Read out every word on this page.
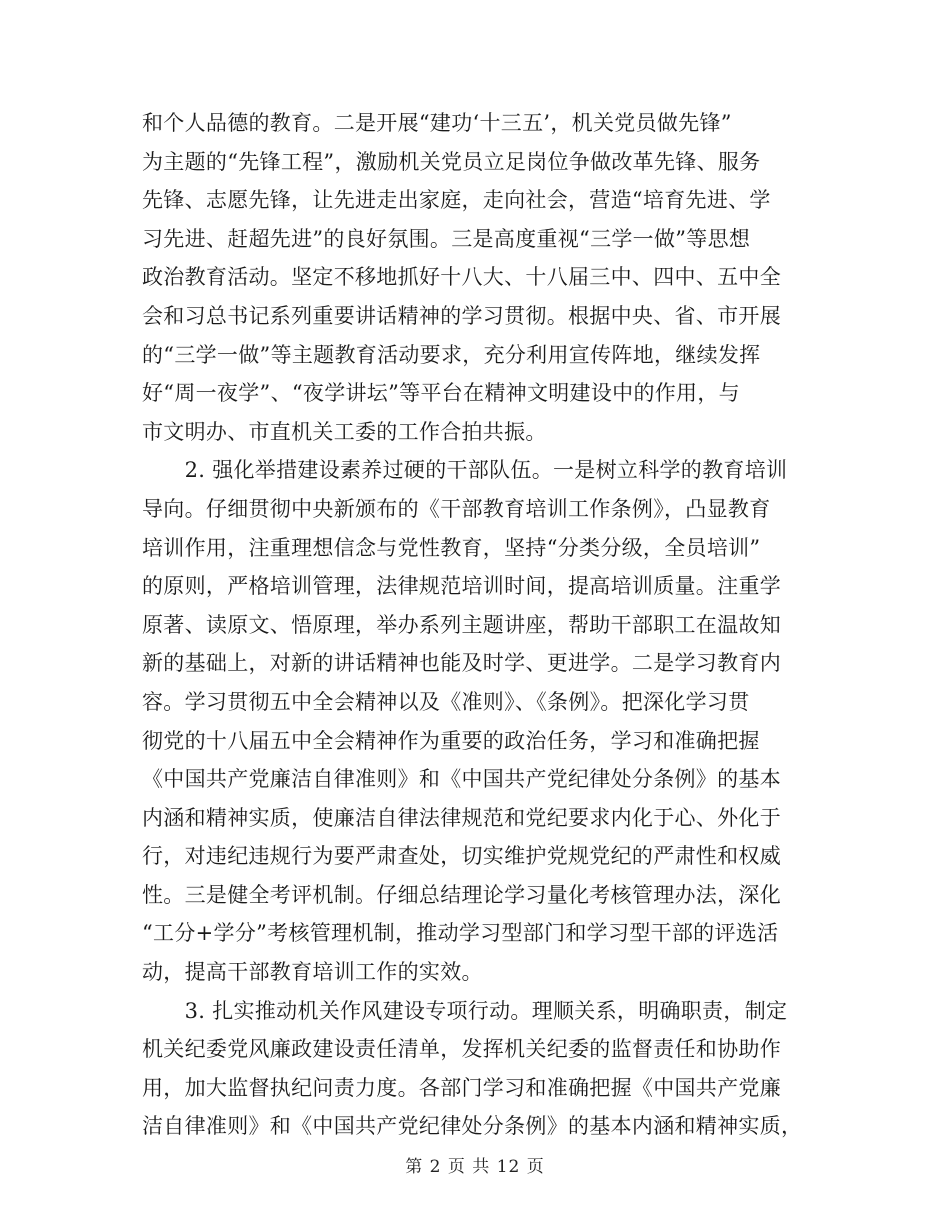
和个人品德的教育。二是开展“建功‘十三五’，机关党员做先锋”
为主题的“先锋工程”，激励机关党员立足岗位争做改革先锋、服务
先锋、志愿先锋，让先进走出家庭，走向社会，营造“培育先进、学
习先进、赶超先进”的良好氛围。三是高度重视“三学一做”等思想
政治教育活动。坚定不移地抓好十八大、十八届三中、四中、五中全
会和习总书记系列重要讲话精神的学习贯彻。根据中央、省、市开展
的“三学一做”等主题教育活动要求，充分利用宣传阵地，继续发挥
好“周一夜学”、“夜学讲坛”等平台在精神文明建设中的作用，与
市文明办、市直机关工委的工作合拍共振。
　　2. 强化举措建设素养过硬的干部队伍。一是树立科学的教育培训
导向。仔细贯彻中央新颁布的《干部教育培训工作条例》，凸显教育
培训作用，注重理想信念与党性教育，坚持“分类分级，全员培训”
的原则，严格培训管理，法律规范培训时间，提高培训质量。注重学
原著、读原文、悟原理，举办系列主题讲座，帮助干部职工在温故知
新的基础上，对新的讲话精神也能及时学、更进学。二是学习教育内
容。学习贯彻五中全会精神以及《准则》、《条例》。把深化学习贯
彻党的十八届五中全会精神作为重要的政治任务，学习和准确把握
《中国共产党廉洁自律准则》和《中国共产党纪律处分条例》的基本
内涵和精神实质，使廉洁自律法律规范和党纪要求内化于心、外化于
行，对违纪违规行为要严肃查处，切实维护党规党纪的严肃性和权威
性。三是健全考评机制。仔细总结理论学习量化考核管理办法，深化
“工分+学分”考核管理机制，推动学习型部门和学习型干部的评选活
动，提高干部教育培训工作的实效。
　　3. 扎实推动机关作风建设专项行动。理顺关系，明确职责，制定
机关纪委党风廉政建设责任清单，发挥机关纪委的监督责任和协助作
用，加大监督执纪问责力度。各部门学习和准确把握《中国共产党廉
洁自律准则》和《中国共产党纪律处分条例》的基本内涵和精神实质，
第 2 页 共 12 页
